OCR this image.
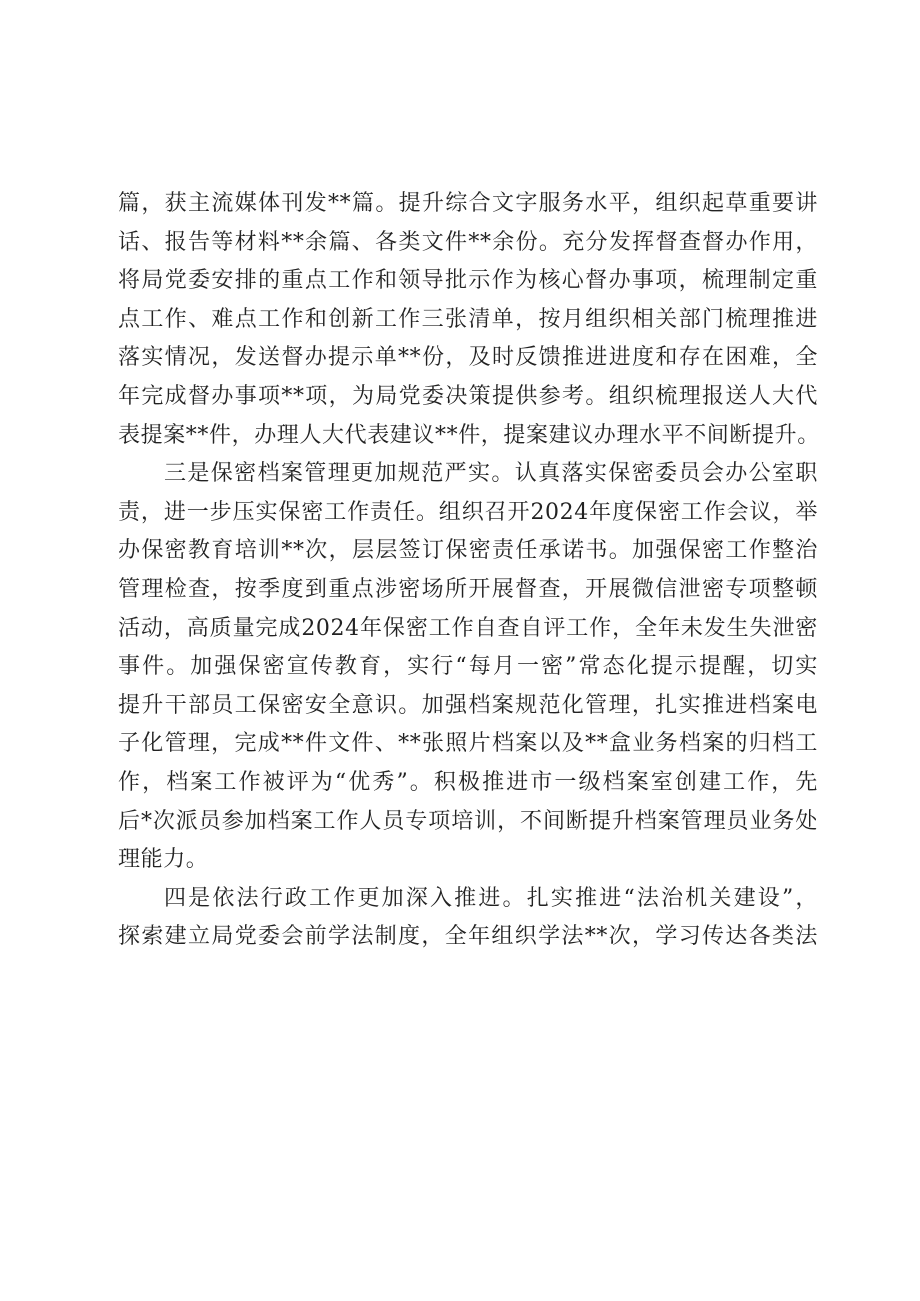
篇，获主流媒体刊发**篇。提升综合文字服务水平，组织起草重要讲
话、报告等材料**余篇、各类文件**余份。充分发挥督查督办作用，
将局党委安排的重点工作和领导批示作为核心督办事项，梳理制定重
点工作、难点工作和创新工作三张清单，按月组织相关部门梳理推进
落实情况，发送督办提示单**份，及时反馈推进进度和存在困难，全
年完成督办事项**项，为局党委决策提供参考。组织梳理报送人大代
表提案**件，办理人大代表建议**件，提案建议办理水平不间断提升。
三是保密档案管理更加规范严实。认真落实保密委员会办公室职
责，进一步压实保密工作责任。组织召开2024年度保密工作会议，举
办保密教育培训**次，层层签订保密责任承诺书。加强保密工作整治
管理检查，按季度到重点涉密场所开展督查，开展微信泄密专项整顿
活动，高质量完成2024年保密工作自查自评工作，全年未发生失泄密
事件。加强保密宣传教育，实行“每月一密”常态化提示提醒，切实
提升干部员工保密安全意识。加强档案规范化管理，扎实推进档案电
子化管理，完成**件文件、**张照片档案以及**盒业务档案的归档工
作，档案工作被评为“优秀”。积极推进市一级档案室创建工作，先
后*次派员参加档案工作人员专项培训，不间断提升档案管理员业务处
理能力。
四是依法行政工作更加深入推进。扎实推进“法治机关建设”，
探索建立局党委会前学法制度，全年组织学法**次，学习传达各类法
